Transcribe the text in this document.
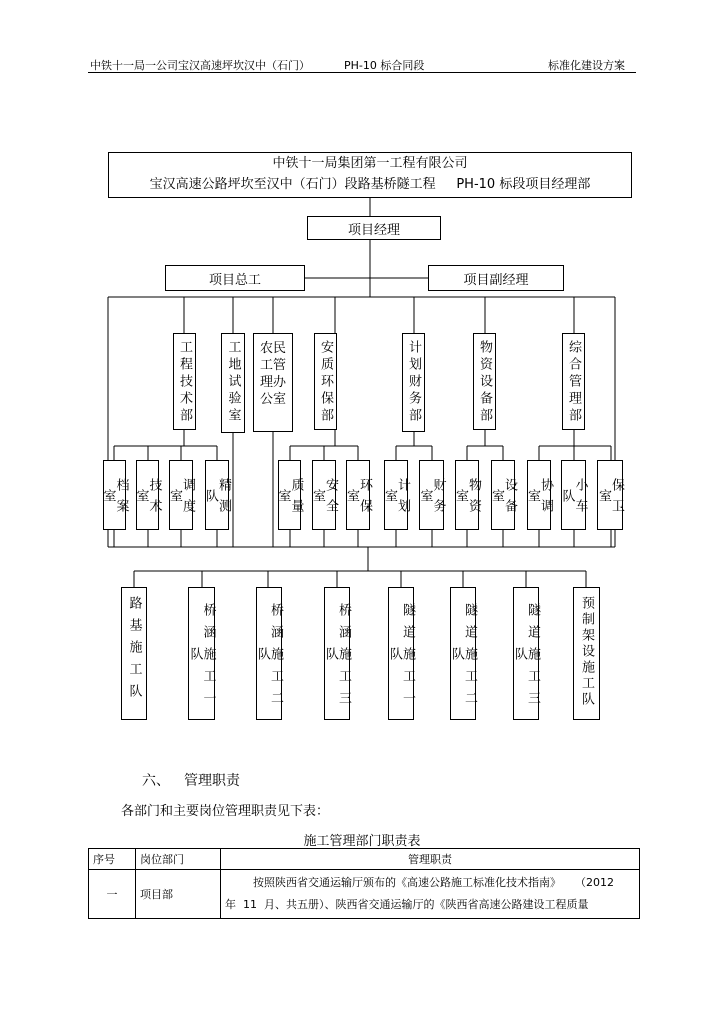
中铁十一局一公司宝汉高速坪坎汉中（石门）	PH-10 标合同段	标准化建设方案
中铁十一局集团第一工程有限公司
宝汉高速公路坪坎至汉中（石门）段路基桥隧工程     PH-10 标段项目经理部
项目经理
项目总工	项目副经理
工程技术部	工地试验室 农民工管理办公室 安质环保部	计划财务部	物资设备部	综合管理部
档案室	技术室	调度室	精测队	质量室	安全室	环保室	计划室	财务室	物资室	设备室	协调室	小车队	保卫室
路基施工队	桥涵施工一队	桥涵施工二队	桥涵施工三队	隧道施工一队	隧道施工二队	隧道施工三队	预制架设施工队
六、 管理职责
各部门和主要岗位管理职责见下表：
施工管理部门职责表
序号	岗位部门	管理职责
一	项目部	按照陕西省交通运输厅颁布的《高速公路施工标准化技术指南》    （2012
年  11  月、共五册）、陕西省交通运输厅的《陕西省高速公路建设工程质量
